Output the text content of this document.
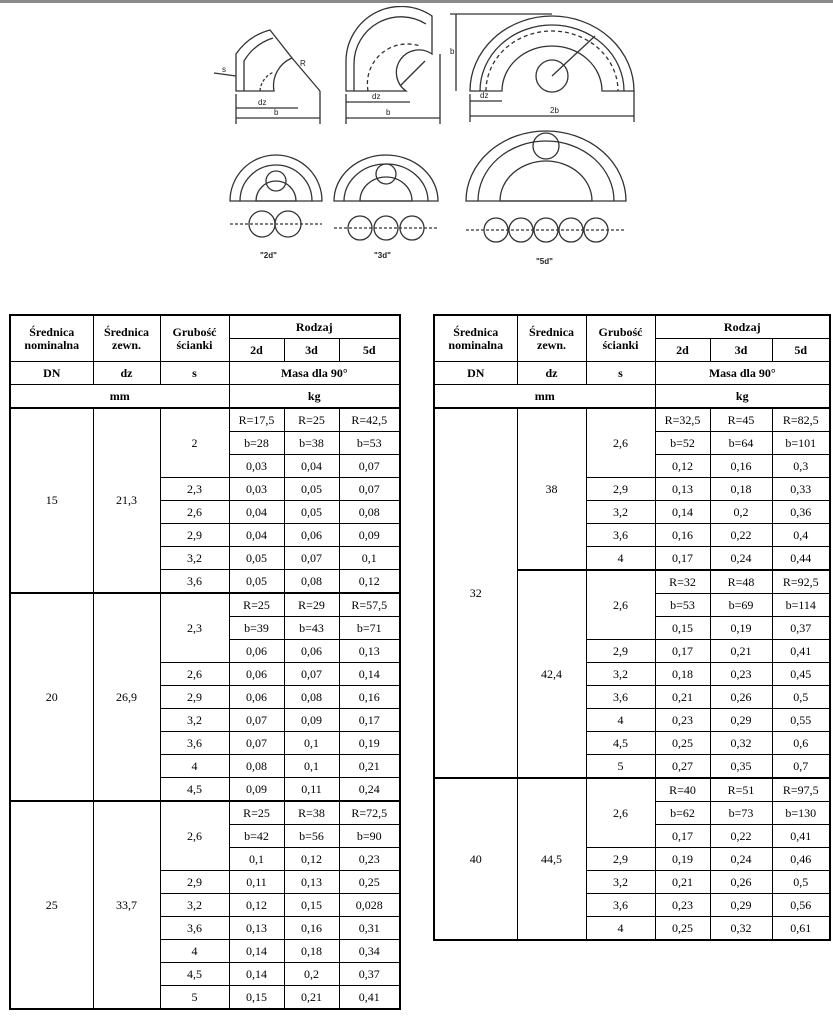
s
R
dz
b
dz
b
dz
2b
b
"2d"	"3d"
"5d"
Średnica nominalna	Średnica zewn.	Grubość ścianki	Rodzaj		
			2d	3d	5d
DN	dz	s	Masa dla 90°		
mm			kg		
15	21,3	2	R=17,5	R=25	R=42,5
			b=28	b=38	b=53
			0,03	0,04	0,07
		2,3	0,03	0,05	0,07
		2,6	0,04	0,05	0,08
		2,9	0,04	0,06	0,09
		3,2	0,05	0,07	0,1
		3,6	0,05	0,08	0,12
20	26,9	2,3	R=25	R=29	R=57,5
			b=39	b=43	b=71
			0,06	0,06	0,13
		2,6	0,06	0,07	0,14
		2,9	0,06	0,08	0,16
		3,2	0,07	0,09	0,17
		3,6	0,07	0,1	0,19
		4	0,08	0,1	0,21
		4,5	0,09	0,11	0,24
25	33,7	2,6	R=25	R=38	R=72,5
			b=42	b=56	b=90
			0,1	0,12	0,23
		2,9	0,11	0,13	0,25
		3,2	0,12	0,15	0,028
		3,6	0,13	0,16	0,31
		4	0,14	0,18	0,34
		4,5	0,14	0,2	0,37
		5	0,15	0,21	0,41
Średnica nominalna	Średnica zewn.	Grubość ścianki	Rodzaj		
			2d	3d	5d
DN	dz	s	Masa dla 90°		
mm			kg		
32	38	2,6	R=32,5	R=45	R=82,5
			b=52	b=64	b=101
			0,12	0,16	0,3
		2,9	0,13	0,18	0,33
		3,2	0,14	0,2	0,36
		3,6	0,16	0,22	0,4
		4	0,17	0,24	0,44
	42,4	2,6	R=32	R=48	R=92,5
			b=53	b=69	b=114
			0,15	0,19	0,37
		2,9	0,17	0,21	0,41
		3,2	0,18	0,23	0,45
		3,6	0,21	0,26	0,5
		4	0,23	0,29	0,55
		4,5	0,25	0,32	0,6
		5	0,27	0,35	0,7
40	44,5	2,6	R=40	R=51	R=97,5
			b=62	b=73	b=130
			0,17	0,22	0,41
		2,9	0,19	0,24	0,46
		3,2	0,21	0,26	0,5
		3,6	0,23	0,29	0,56
		4	0,25	0,32	0,61
